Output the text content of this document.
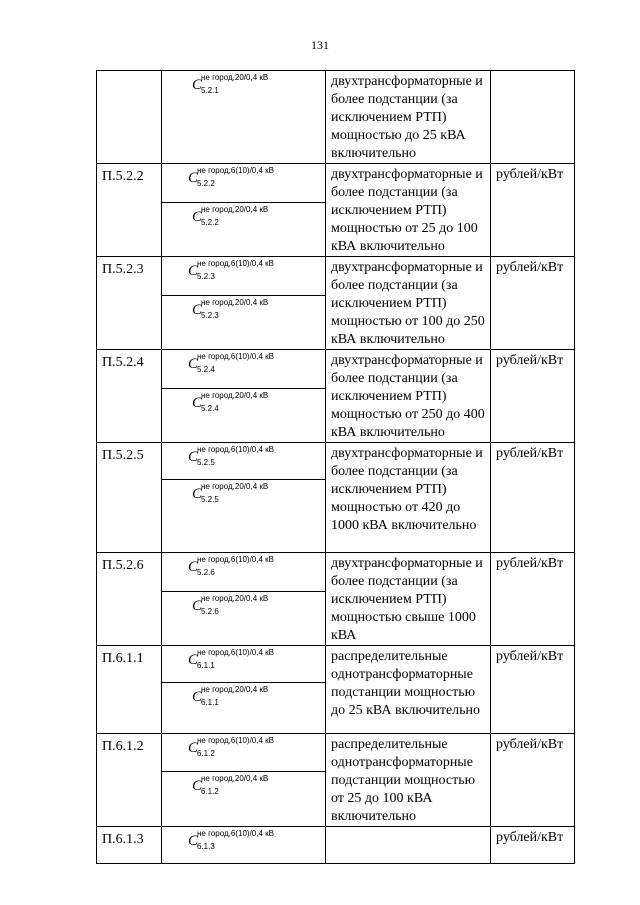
131

	C
не город,20/0,4 кВ
5.2.1	двухтрансформаторные и более подстанции (за исключением РТП) мощностью до 25 кВА включительно	
П.5.2.2	C
не город,6(10)/0,4 кВ
5.2.2	двухтрансформаторные и более подстанции (за исключением РТП) мощностью от 25 до 100 кВА включительно	рублей/кВт

	C
не город,20/0,4 кВ
5.2.2		

П.5.2.3	C
не город,6(10)/0,4 кВ
5.2.3	двухтрансформаторные и более подстанции (за исключением РТП) мощностью от 100 до 250 кВА включительно	рублей/кВт

	C
не город,20/0,4 кВ
5.2.3		

П.5.2.4	C
не город,6(10)/0,4 кВ
5.2.4	двухтрансформаторные и более подстанции (за исключением РТП) мощностью от 250 до 400 кВА включительно	рублей/кВт

	C
не город,20/0,4 кВ
5.2.4		

П.5.2.5	C
не город,6(10)/0,4 кВ
5.2.5	двухтрансформаторные и более подстанции (за исключением РТП) мощностью от 420 до 1000 кВА включительно	рублей/кВт

	C
не город,20/0,4 кВ
5.2.5		

П.5.2.6	C
не город,6(10)/0,4 кВ
5.2.6	двухтрансформаторные и более подстанции (за исключением РТП) мощностью свыше 1000 кВА	рублей/кВт

	C
не город,20/0,4 кВ
5.2.6		

П.6.1.1	C
не город,6(10)/0,4 кВ
6.1.1	распределительные однотрансформаторные подстанции мощностью до 25 кВА включительно	рублей/кВт

	C
не город,20/0,4 кВ
6.1.1		

П.6.1.2	C
не город,6(10)/0,4 кВ
6.1.2	распределительные однотрансформаторные подстанции мощностью от 25 до 100 кВА включительно	рублей/кВт

	C
не город,20/0,4 кВ
6.1.2		

П.6.1.3	C
не город,6(10)/0,4 кВ
6.1.3		рублей/кВт
